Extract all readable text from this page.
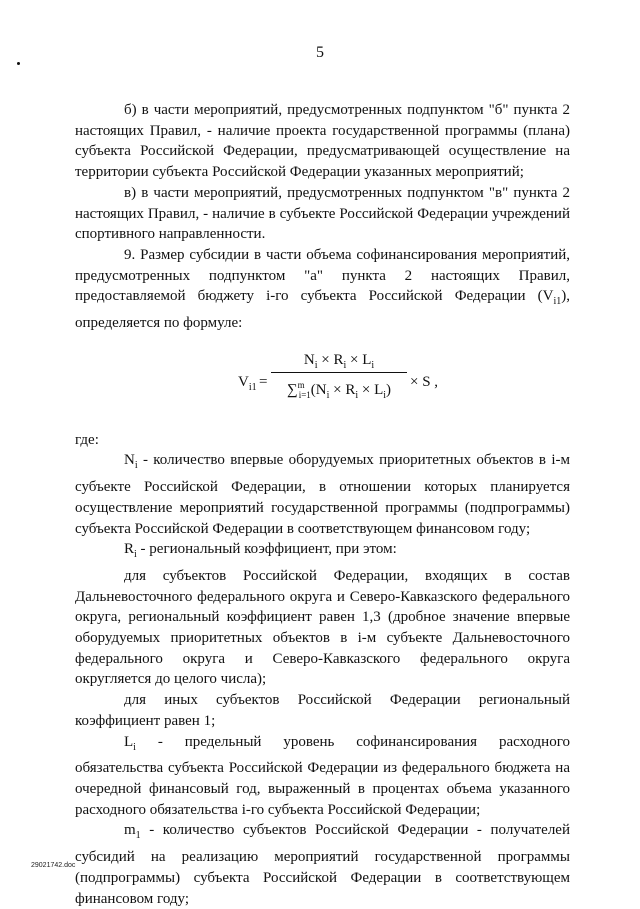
5

б) в части мероприятий, предусмотренных подпунктом "б" пункта 2 настоящих Правил, - наличие проекта государственной программы (плана) субъекта Российской Федерации, предусматривающей осуществление на территории субъекта Российской Федерации указанных мероприятий;

в) в части мероприятий, предусмотренных подпунктом "в" пункта 2 настоящих Правил, - наличие в субъекте Российской Федерации учреждений спортивного направленности.

9. Размер субсидии в части объема софинансирования мероприятий, предусмотренных подпунктом "а" пункта 2 настоящих Правил, предоставляемой бюджету i-го субъекта Российской Федерации $(V_{i1})$, определяется по формуле:

$V_{i1}$ =
$N_i \times R_i \times L_i$
$\sum^m_{i=1}(N_i \times R_i \times L_i)$	× S ,

где:

$N_i$ - количество впервые оборудуемых приоритетных объектов в i-м субъекте Российской Федерации, в отношении которых планируется осуществление мероприятий государственной программы (подпрограммы) субъекта Российской Федерации в соответствующем финансовом году;

$R_i$ - региональный коэффициент, при этом:

для субъектов Российской Федерации, входящих в состав Дальневосточного федерального округа и Северо-Кавказского федерального округа, региональный коэффициент равен 1,3 (дробное значение впервые оборудуемых приоритетных объектов в i-м субъекте Дальневосточного федерального округа и Северо-Кавказского федерального округа округляется до целого числа);

для иных субъектов Российской Федерации региональный коэффициент равен 1;

$L_i$ - предельный уровень софинансирования расходного обязательства субъекта Российской Федерации из федерального бюджета на очередной финансовый год, выраженный в процентах объема указанного расходного обязательства i-го субъекта Российской Федерации;

$m_1$ - количество субъектов Российской Федерации - получателей субсидий на реализацию мероприятий государственной программы (подпрограммы) субъекта Российской Федерации в соответствующем финансовом году;

29021742.doc
